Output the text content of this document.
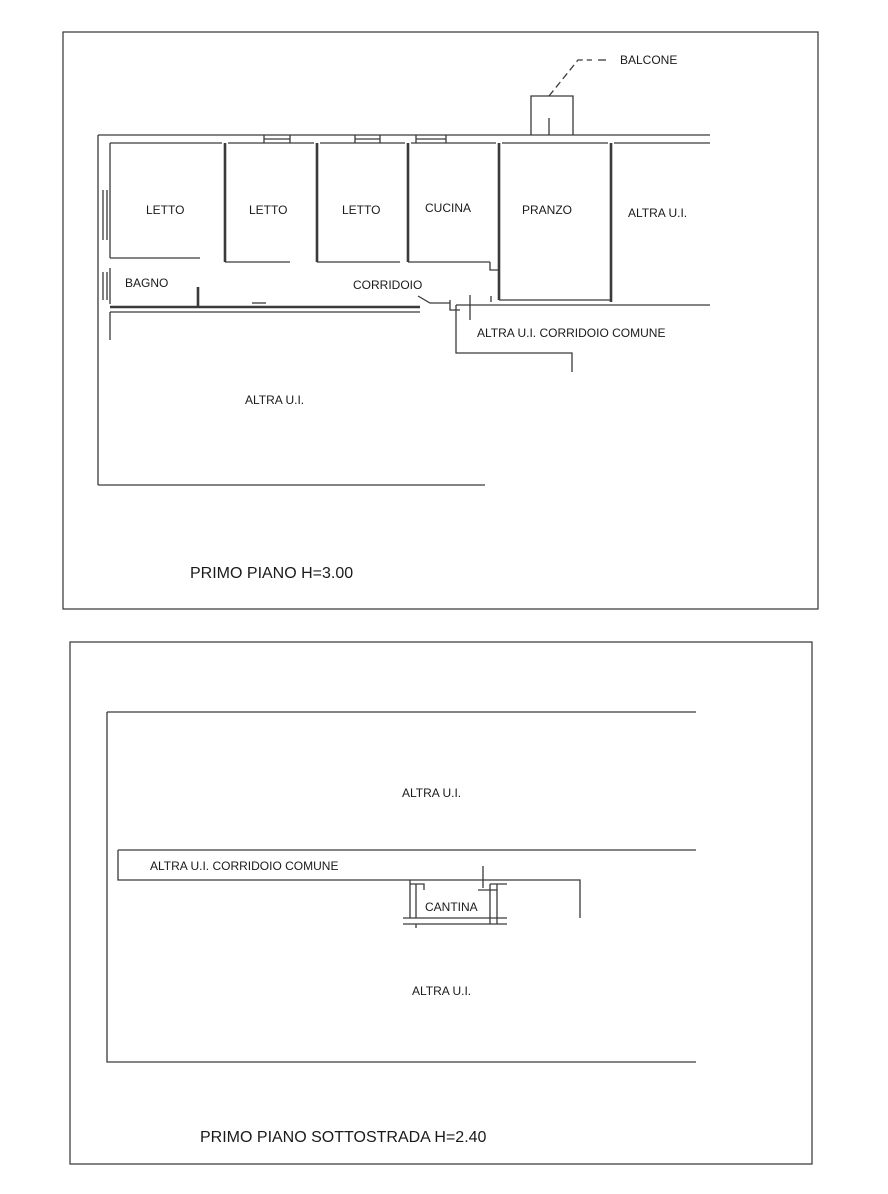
BALCONE
LETTO	LETTO	LETTO	CUCINA	PRANZO	ALTRA U.I.
BAGNO	CORRIDOIO
ALTRA U.I. CORRIDOIO COMUNE
ALTRA U.I.
PRIMO PIANO H=3.00
ALTRA U.I.
ALTRA U.I. CORRIDOIO COMUNE
CANTINA
ALTRA U.I.
PRIMO PIANO SOTTOSTRADA H=2.40
